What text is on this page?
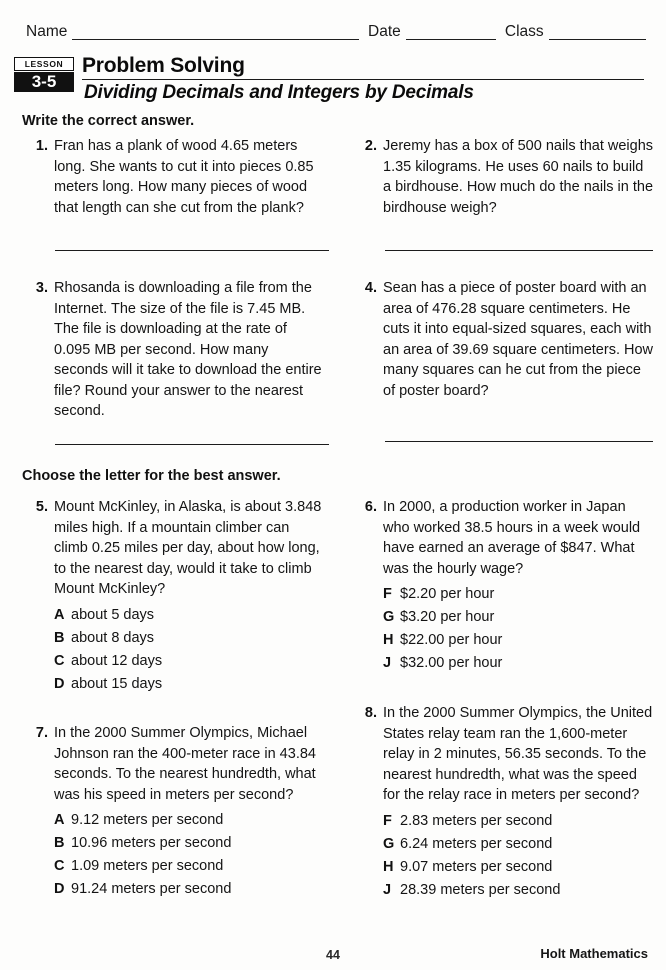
Name	Date	Class
LESSON
3-5
Problem Solving
Dividing Decimals and Integers by Decimals
Write the correct answer.
Choose the letter for the best answer.
1. Fran has a plank of wood 4.65 meters long. She wants to cut it into pieces 0.85 meters long. How many pieces of wood that length can she cut from the plank?
2. Jeremy has a box of 500 nails that weighs 1.35 kilograms. He uses 60 nails to build a birdhouse. How much do the nails in the birdhouse weigh?
3. Rhosanda is downloading a file from the Internet. The size of the file is 7.45 MB. The file is downloading at the rate of 0.095 MB per second. How many seconds will it take to download the entire file? Round your answer to the nearest second.
4. Sean has a piece of poster board with an area of 476.28 square centimeters. He cuts it into equal-sized squares, each with an area of 39.69 square centimeters. How many squares can he cut from the piece of poster board?
5. Mount McKinley, in Alaska, is about 3.848 miles high. If a mountain climber can climb 0.25 miles per day, about how long, to the nearest day, would it take to climb Mount McKinley?
A about 5 days
B about 8 days
C about 12 days
D about 15 days
6. In 2000, a production worker in Japan who worked 38.5 hours in a week would have earned an average of $847. What was the hourly wage?
F $2.20 per hour
G $3.20 per hour
H $22.00 per hour
J $32.00 per hour
7. In the 2000 Summer Olympics, Michael Johnson ran the 400-meter race in 43.84 seconds. To the nearest hundredth, what was his speed in meters per second?
A 9.12 meters per second
B 10.96 meters per second
C 1.09 meters per second
D 91.24 meters per second
8. In the 2000 Summer Olympics, the United States relay team ran the 1,600-meter relay in 2 minutes, 56.35 seconds. To the nearest hundredth, what was the speed for the relay race in meters per second?
F 2.83 meters per second
G 6.24 meters per second
H 9.07 meters per second
J 28.39 meters per second
44	Holt Mathematics
